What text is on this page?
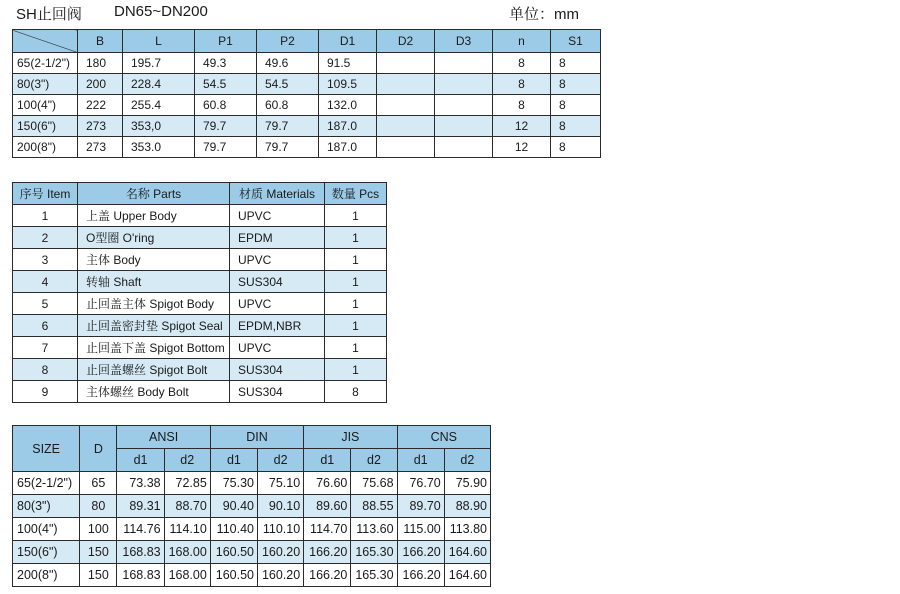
SH止回阀 DN65~DN200	单位：mm
	B	L	P1	P2	D1	D2	D3	n	S1
65(2-1/2")	180	195.7	49.3	49.6	91.5			8	8
80(3")	200	228.4	54.5	54.5	109.5			8	8
100(4")	222	255.4	60.8	60.8	132.0			8	8
150(6")	273	353,0	79.7	79.7	187.0			12	8
200(8")	273	353.0	79.7	79.7	187.0			12	8
序号 Item	名称 Parts	材质 Materials	数量 Pcs
1	上盖 Upper Body	UPVC	1
2	O型圈 O'ring	EPDM	1
3	主体 Body	UPVC	1
4	转轴 Shaft	SUS304	1
5	止回盖主体 Spigot Body	UPVC	1
6	止回盖密封垫 Spigot Seal	EPDM,NBR	1
7	止回盖下盖 Spigot Bottom	UPVC	1
8	止回盖螺丝 Spigot Bolt	SUS304	1
9	主体螺丝 Body Bolt	SUS304	8
SIZE	D	ANSI		DIN		JIS		CNS	
		d1	d2	d1	d2	d1	d2	d1	d2
65(2-1/2")	65	73.38	72.85	75.30	75.10	76.60	75.68	76.70	75.90
80(3")	80	89.31	88.70	90.40	90.10	89.60	88.55	89.70	88.90
100(4")	100	114.76	114.10	110.40	110.10	114.70	113.60	115.00	113.80
150(6")	150	168.83	168.00	160.50	160.20	166.20	165.30	166.20	164.60
200(8")	150	168.83	168.00	160.50	160.20	166.20	165.30	166.20	164.60
